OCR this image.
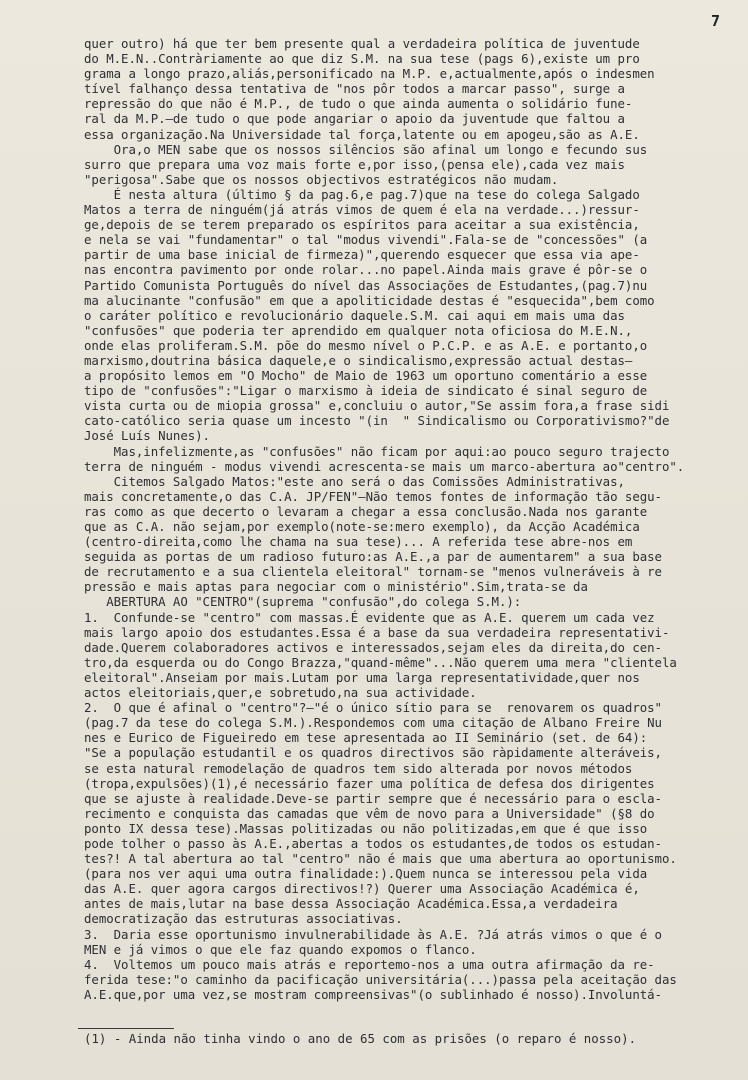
7
quer outro) há que ter bem presente qual a verdadeira política de juventude
do M.E.N..Contràriamente ao que diz S.M. na sua tese (pags 6),existe um pro
grama a longo prazo,aliás,personificado na M.P. e,actualmente,após o indesmen
tível falhanço dessa tentativa de "nos pôr todos a marcar passo", surge a
repressão do que não é M.P., de tudo o que ainda aumenta o solidário fune-
ral da M.P.—de tudo o que pode angariar o apoio da juventude que faltou a
essa organização.Na Universidade tal força,latente ou em apogeu,são as A.E.
Ora,o MEN sabe que os nossos silêncios são afinal um longo e fecundo sus
surro que prepara uma voz mais forte e,por isso,(pensa ele),cada vez mais
"perigosa".Sabe que os nossos objectivos estratégicos não mudam.
É nesta altura (último § da pag.6,e pag.7)que na tese do colega Salgado
Matos a terra de ninguém(já atrás vimos de quem é ela na verdade...)ressur-
ge,depois de se terem preparado os espíritos para aceitar a sua existência,
e nela se vai "fundamentar" o tal "modus vivendi".Fala-se de "concessões" (a
partir de uma base inicial de firmeza)",querendo esquecer que essa via ape-
nas encontra pavimento por onde rolar...no papel.Ainda mais grave é pôr-se o
Partido Comunista Português do nível das Associações de Estudantes,(pag.7)nu
ma alucinante "confusão" em que a apoliticidade destas é "esquecida",bem como
o caráter político e revolucionário daquele.S.M. cai aqui em mais uma das
"confusões" que poderia ter aprendido em qualquer nota oficiosa do M.E.N.,
onde elas proliferam.S.M. põe do mesmo nível o P.C.P. e as A.E. e portanto,o
marxismo,doutrina básica daquele,e o sindicalismo,expressão actual destas—
a propósito lemos em "O Mocho" de Maio de 1963 um oportuno comentário a esse
tipo de "confusões":"Ligar o marxismo à ideia de sindicato é sinal seguro de
vista curta ou de miopia grossa" e,concluiu o autor,"Se assim fora,a frase sidi
cato-católico seria quase um incesto "(in  " Sindicalismo ou Corporativismo?"de
José Luís Nunes).
Mas,infelizmente,as "confusões" não ficam por aqui:ao pouco seguro trajecto
terra de ninguém - modus vivendi acrescenta-se mais um marco-abertura ao"centro".
Citemos Salgado Matos:"este ano será o das Comissões Administrativas,
mais concretamente,o das C.A. JP/FEN"—Não temos fontes de informação tão segu-
ras como as que decerto o levaram a chegar a essa conclusão.Nada nos garante
que as C.A. não sejam,por exemplo(note-se:mero exemplo), da Acção Académica
(centro-direita,como lhe chama na sua tese)... A referida tese abre-nos em
seguida as portas de um radioso futuro:as A.E.,a par de aumentarem" a sua base
de recrutamento e a sua clientela eleitoral" tornam-se "menos vulneráveis à re
pressão e mais aptas para negociar com o ministério".Sim,trata-se da
ABERTURA AO "CENTRO"(suprema "confusão",do colega S.M.):
1.  Confunde-se "centro" com massas.É evidente que as A.E. querem um cada vez
mais largo apoio dos estudantes.Essa é a base da sua verdadeira representativi-
dade.Querem colaboradores activos e interessados,sejam eles da direita,do cen-
tro,da esquerda ou do Congo Brazza,"quand-même"...Não querem uma mera "clientela
eleitoral".Anseiam por mais.Lutam por uma larga representatividade,quer nos
actos eleitoriais,quer,e sobretudo,na sua actividade.
2.  O que é afinal o "centro"?—"é o único sítio para se  renovarem os quadros"
(pag.7 da tese do colega S.M.).Respondemos com uma citação de Albano Freire Nu
nes e Eurico de Figueiredo em tese apresentada ao II Seminário (set. de 64):
"Se a população estudantil e os quadros directivos são ràpidamente alteráveis,
se esta natural remodelação de quadros tem sido alterada por novos métodos
(tropa,expulsões)(1),é necessário fazer uma política de defesa dos dirigentes
que se ajuste à realidade.Deve-se partir sempre que é necessário para o escla-
recimento e conquista das camadas que vêm de novo para a Universidade" (§8 do
ponto IX dessa tese).Massas politizadas ou não politizadas,em que é que isso
pode tolher o passo às A.E.,abertas a todos os estudantes,de todos os estudan-
tes?! A tal abertura ao tal "centro" não é mais que uma abertura ao oportunismo.
(para nos ver aqui uma outra finalidade:).Quem nunca se interessou pela vida
das A.E. quer agora cargos directivos!?) Querer uma Associação Académica é,
antes de mais,lutar na base dessa Associação Académica.Essa,a verdadeira
democratização das estruturas associativas.
3.  Daria esse oportunismo invulnerabilidade às A.E. ?Já atrás vimos o que é o
MEN e já vimos o que ele faz quando expomos o flanco.
4.  Voltemos um pouco mais atrás e reportemo-nos a uma outra afirmação da re-
ferida tese:"o caminho da pacificação universitária(...)passa pela aceitação das
A.E.que,por uma vez,se mostram compreensivas"(o sublinhado é nosso).Involuntá-
(1) - Ainda não tinha vindo o ano de 65 com as prisões (o reparo é nosso).
